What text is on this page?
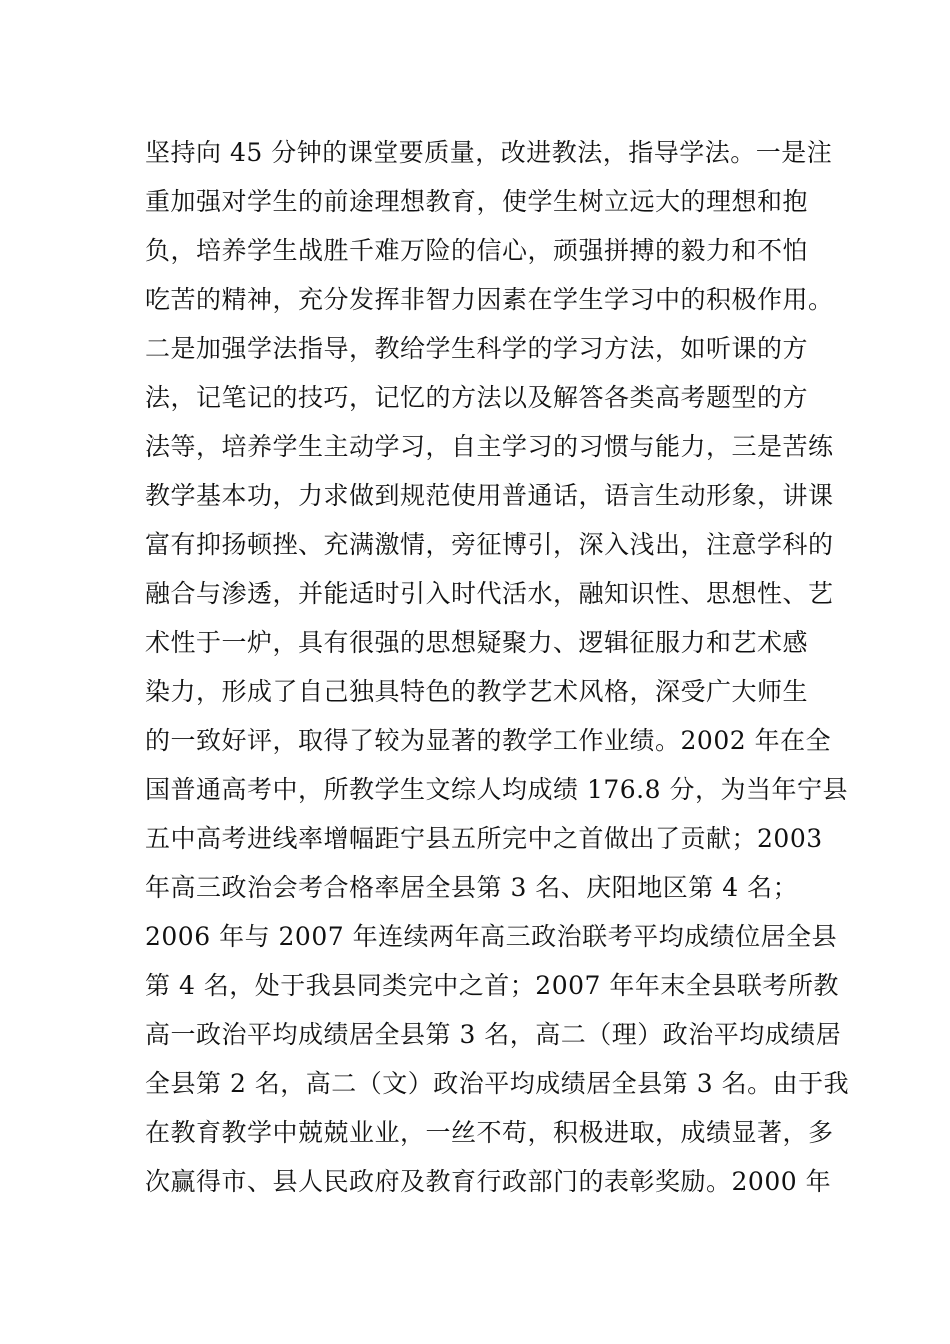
坚持向 45 分钟的课堂要质量，改进教法，指导学法。一是注
重加强对学生的前途理想教育，使学生树立远大的理想和抱
负，培养学生战胜千难万险的信心，顽强拼搏的毅力和不怕
吃苦的精神，充分发挥非智力因素在学生学习中的积极作用。
二是加强学法指导，教给学生科学的学习方法，如听课的方
法，记笔记的技巧，记忆的方法以及解答各类高考题型的方
法等，培养学生主动学习，自主学习的习惯与能力，三是苦练
教学基本功，力求做到规范使用普通话，语言生动形象，讲课
富有抑扬顿挫、充满激情，旁征博引，深入浅出，注意学科的
融合与渗透，并能适时引入时代活水，融知识性、思想性、艺
术性于一炉，具有很强的思想疑聚力、逻辑征服力和艺术感
染力，形成了自己独具特色的教学艺术风格，深受广大师生
的一致好评，取得了较为显著的教学工作业绩。2002 年在全
国普通高考中，所教学生文综人均成绩 176.8 分，为当年宁县
五中高考进线率增幅距宁县五所完中之首做出了贡献；2003
年高三政治会考合格率居全县第 3 名、庆阳地区第 4 名；
2006 年与 2007 年连续两年高三政治联考平均成绩位居全县
第 4 名，处于我县同类完中之首；2007 年年末全县联考所教
高一政治平均成绩居全县第 3 名，高二（理）政治平均成绩居
全县第 2 名，高二（文）政治平均成绩居全县第 3 名。由于我
在教育教学中兢兢业业，一丝不苟，积极进取，成绩显著，多
次赢得市、县人民政府及教育行政部门的表彰奖励。2000 年
